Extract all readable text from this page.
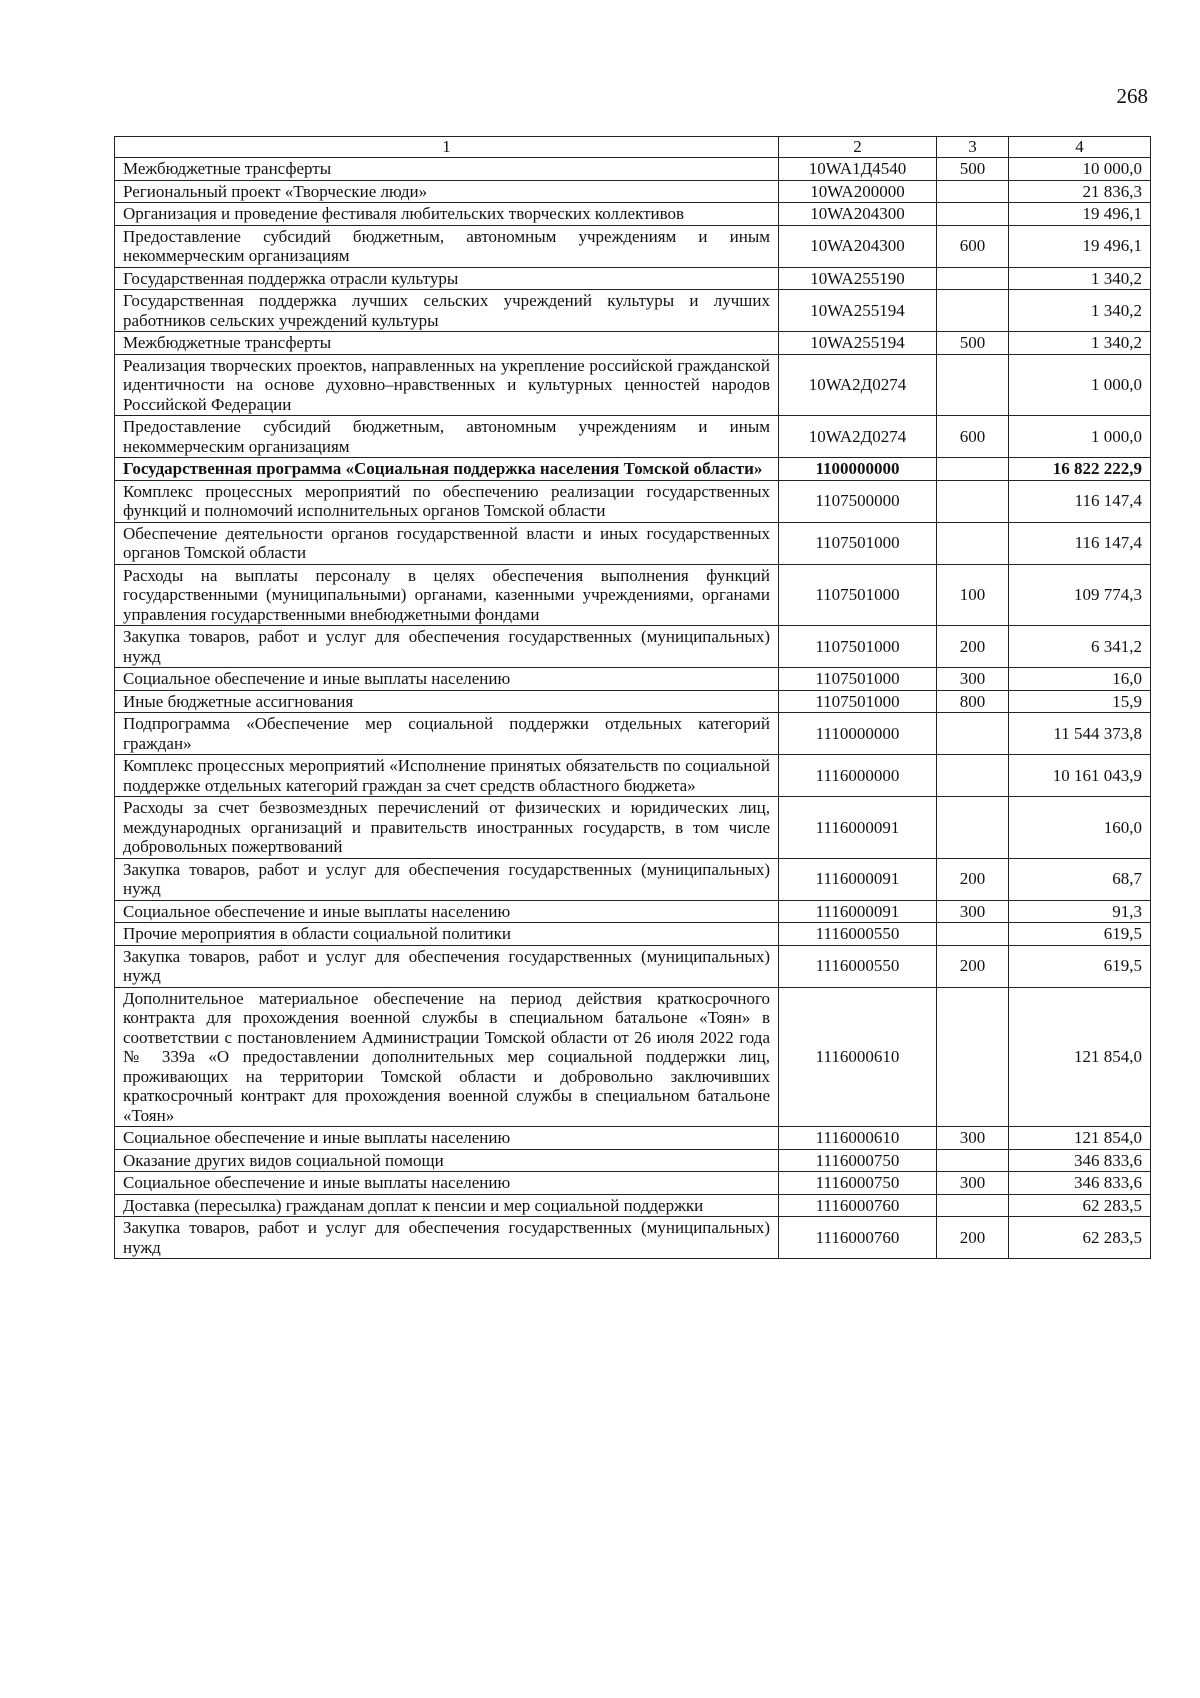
268
1	2	3	4
Межбюджетные трансферты	10WA1Д4540	500	10 000,0
Региональный проект «Творческие люди»	10WA200000		21 836,3
Организация и проведение фестиваля любительских творческих коллективов	10WA204300		19 496,1
Предоставление субсидий бюджетным, автономным учреждениям и иным некоммерческим организациям	10WA204300	600	19 496,1
Государственная поддержка отрасли культуры	10WA255190		1 340,2
Государственная поддержка лучших сельских учреждений культуры и лучших работников сельских учреждений культуры	10WA255194		1 340,2
Межбюджетные трансферты	10WA255194	500	1 340,2
Реализация творческих проектов, направленных на укрепление российской гражданской идентичности на основе духовно–нравственных и культурных ценностей народов Российской Федерации	10WA2Д0274		1 000,0
Предоставление субсидий бюджетным, автономным учреждениям и иным некоммерческим организациям	10WA2Д0274	600	1 000,0
Государственная программа «Социальная поддержка населения Томской области»	1100000000		16 822 222,9
Комплекс процессных мероприятий по обеспечению реализации государственных функций и полномочий исполнительных органов Томской области	1107500000		116 147,4
Обеспечение деятельности органов государственной власти и иных государственных органов Томской области	1107501000		116 147,4
Расходы на выплаты персоналу в целях обеспечения выполнения функций государственными (муниципальными) органами, казенными учреждениями, органами управления государственными внебюджетными фондами	1107501000	100	109 774,3
Закупка товаров, работ и услуг для обеспечения государственных (муниципальных) нужд	1107501000	200	6 341,2
Социальное обеспечение и иные выплаты населению	1107501000	300	16,0
Иные бюджетные ассигнования	1107501000	800	15,9
Подпрограмма «Обеспечение мер социальной поддержки отдельных категорий граждан»	1110000000		11 544 373,8
Комплекс процессных мероприятий «Исполнение принятых обязательств по социальной поддержке отдельных категорий граждан за счет средств областного бюджета»	1116000000		10 161 043,9
Расходы за счет безвозмездных перечислений от физических и юридических лиц, международных организаций и правительств иностранных государств, в том числе добровольных пожертвований	1116000091		160,0
Закупка товаров, работ и услуг для обеспечения государственных (муниципальных) нужд	1116000091	200	68,7
Социальное обеспечение и иные выплаты населению	1116000091	300	91,3
Прочие мероприятия в области социальной политики	1116000550		619,5
Закупка товаров, работ и услуг для обеспечения государственных (муниципальных) нужд	1116000550	200	619,5
Дополнительное материальное обеспечение на период действия краткосрочного контракта для прохождения военной службы в специальном батальоне «Тоян» в соответствии с постановлением Администрации Томской области от 26 июля 2022 года № 339а «О предоставлении дополнительных мер социальной поддержки лиц, проживающих на территории Томской области и добровольно заключивших краткосрочный контракт для прохождения военной службы в специальном батальоне «Тоян»	1116000610		121 854,0
Социальное обеспечение и иные выплаты населению	1116000610	300	121 854,0
Оказание других видов социальной помощи	1116000750		346 833,6
Социальное обеспечение и иные выплаты населению	1116000750	300	346 833,6
Доставка (пересылка) гражданам доплат к пенсии и мер социальной поддержки	1116000760		62 283,5
Закупка товаров, работ и услуг для обеспечения государственных (муниципальных) нужд	1116000760	200	62 283,5
